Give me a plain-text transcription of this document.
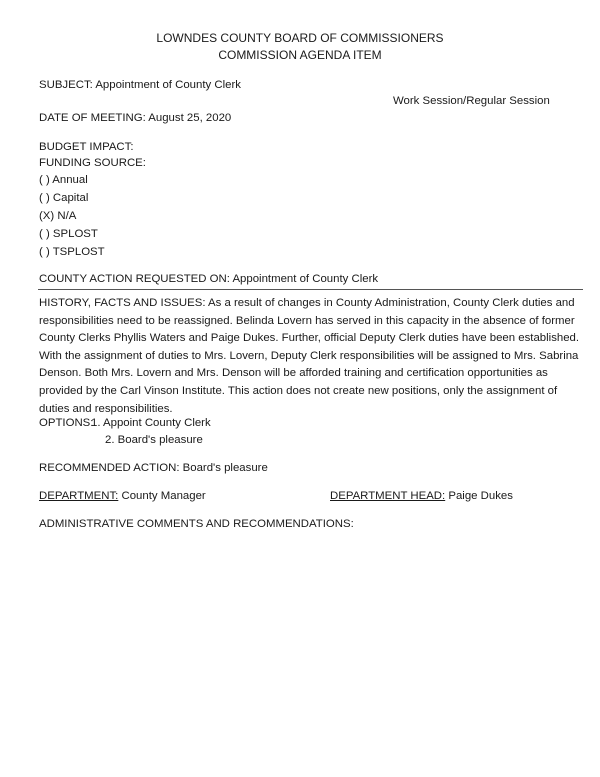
LOWNDES COUNTY BOARD OF COMMISSIONERS
COMMISSION AGENDA ITEM
SUBJECT: Appointment of County Clerk
Work Session/Regular Session
DATE OF MEETING: August 25, 2020
BUDGET IMPACT:
FUNDING SOURCE:
( ) Annual
( ) Capital
(X) N/A
( ) SPLOST
( ) TSPLOST
COUNTY ACTION REQUESTED ON: Appointment of County Clerk
HISTORY, FACTS AND ISSUES: As a result of changes in County Administration, County Clerk duties and responsibilities need to be reassigned. Belinda Lovern has served in this capacity in the absence of former County Clerks Phyllis Waters and Paige Dukes. Further, official Deputy Clerk duties have been established. With the assignment of duties to Mrs. Lovern, Deputy Clerk responsibilities will be assigned to Mrs. Sabrina Denson. Both Mrs. Lovern and Mrs. Denson will be afforded training and certification opportunities as provided by the Carl Vinson Institute. This action does not create new positions, only the assignment of duties and responsibilities.
OPTIONS:
1. Appoint County Clerk
2. Board's pleasure
RECOMMENDED ACTION: Board's pleasure
DEPARTMENT: County Manager	DEPARTMENT HEAD: Paige Dukes
ADMINISTRATIVE COMMENTS AND RECOMMENDATIONS:
